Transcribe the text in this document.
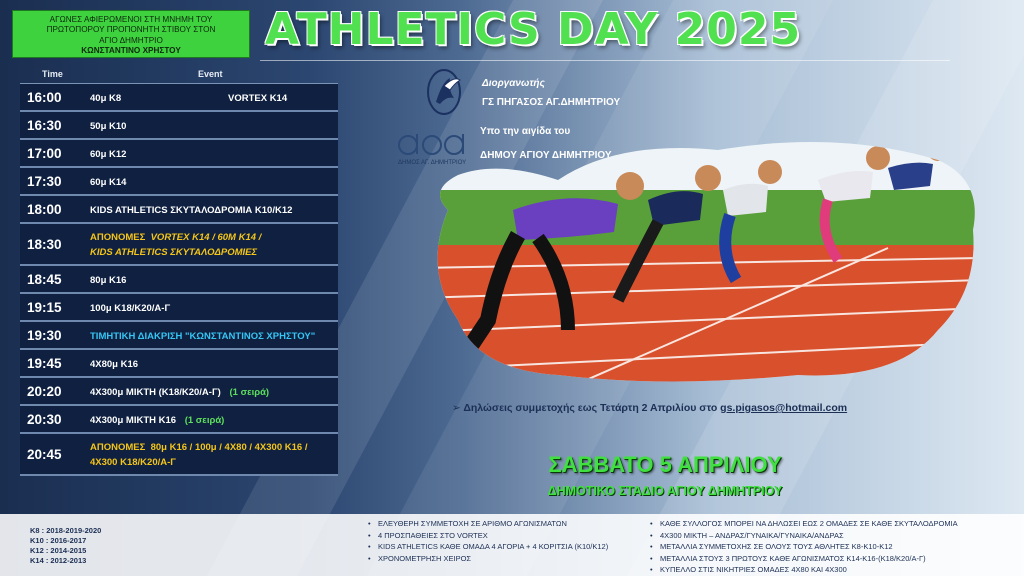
ΑΓΩΝΕΣ ΑΦΙΕΡΩΜΕΝΟΙ ΣΤΗ ΜΝΗΜΗ ΤΟΥ
ΠΡΩΤΟΠΟΡΟΥ ΠΡΟΠΟΝΗΤΗ ΣΤΙΒΟΥ ΣΤΟΝ
ΑΓΙΟ ΔΗΜΗΤΡΙΟ
ΚΩΝΣΤΑΝΤΙΝΟ ΧΡΗΣΤΟΥ	ATHLETICS DAY 2025
Time	Event
16:00	40μ K8	VORTEX K14
16:30	50μ K10
17:00	60μ K12
17:30	60μ K14
18:00	KIDS ATHLETICS ΣΚΥΤΑΛΟΔΡΟΜΙΑ K10/K12
18:30	ΑΠΟΝΟΜΕΣ VORTEX K14 / 60M K14 /
KIDS ATHLETICS ΣΚΥΤΑΛΟΔΡΟΜΙΕΣ
18:45	80μ K16
19:15	100μ K18/K20/Α-Γ
19:30	ΤΙΜΗΤΙΚΗ ΔΙΑΚΡΙΣΗ "ΚΩΝΣΤΑΝΤΙΝΟΣ ΧΡΗΣΤΟΥ"
19:45	4Χ80μ K16
20:20	4Χ300μ ΜΙΚΤΗ (K18/K20/Α-Γ) (1 σειρά)
20:30	4Χ300μ ΜΙΚΤΗ K16 (1 σειρά)
20:45	ΑΠΟΝΟΜΕΣ 80μ K16 / 100μ / 4Χ80 / 4Χ300 K16 /
4Χ300 K18/K20/Α-Γ
Διοργανωτής
ΓΣ ΠΗΓΑΣΟΣ ΑΓ.ΔΗΜΗΤΡΙΟΥ
ΔΗΜΟΣ ΑΓ. ΔΗΜΗΤΡΙΟΥ
Υπο την αιγίδα του
ΔΗΜΟΥ ΑΓΙΟΥ ΔΗΜΗΤΡΙΟΥ
➢ Δηλώσεις συμμετοχής εως Τετάρτη 2 Απριλίου στο gs.pigasos@hotmail.com
ΣΑΒΒΑΤΟ 5 ΑΠΡΙΛΙΟΥ
ΔΗΜΟΤΙΚΟ ΣΤΑΔΙΟ ΑΓΙΟΥ ΔΗΜΗΤΡΙΟΥ
K8 : 2018-2019-2020
K10 : 2016-2017
K12 : 2014-2015
K14 : 2012-2013
• ΕΛΕΥΘΕΡΗ ΣΥΜΜΕΤΟΧΗ ΣΕ ΑΡΙΘΜΟ ΑΓΩΝΙΣΜΑΤΩΝ
• 4 ΠΡΟΣΠΑΘΕΙΕΣ ΣΤΟ VORTEX
• KIDS ATHLETICS ΚΑΘΕ ΟΜΑΔΑ 4 ΑΓΟΡΙΑ + 4 ΚΟΡΙΤΣΙΑ (Κ10/Κ12)
• ΧΡΟΝΟΜΕΤΡΗΣΗ ΧΕΙΡΟΣ
• ΚΑΘΕ ΣΥΛΛΟΓΟΣ ΜΠΟΡΕΙ ΝΑ ΔΗΛΩΣΕΙ ΕΩΣ 2 ΟΜΑΔΕΣ ΣΕ ΚΑΘΕ ΣΚΥΤΑΛΟΔΡΟΜΙΑ
• 4Χ300 ΜΙΚΤΗ – ΑΝΔΡΑΣ/ΓΥΝΑΙΚΑ/ΓΥΝΑΙΚΑ/ΑΝΔΡΑΣ
• ΜΕΤΑΛΛΙΑ ΣΥΜΜΕΤΟΧΗΣ ΣΕ ΟΛΟΥΣ ΤΟΥΣ ΑΘΛΗΤΕΣ Κ8-Κ10-Κ12
• ΜΕΤΑΛΛΙΑ ΣΤΟΥΣ 3 ΠΡΩΤΟΥΣ ΚΑΘΕ ΑΓΩΝΙΣΜΑΤΟΣ Κ14-Κ16-(Κ18/Κ20/Α-Γ)
• ΚΥΠΕΛΛΟ ΣΤΙΣ ΝΙΚΗΤΡΙΕΣ ΟΜΑΔΕΣ 4Χ80 ΚΑΙ 4Χ300
